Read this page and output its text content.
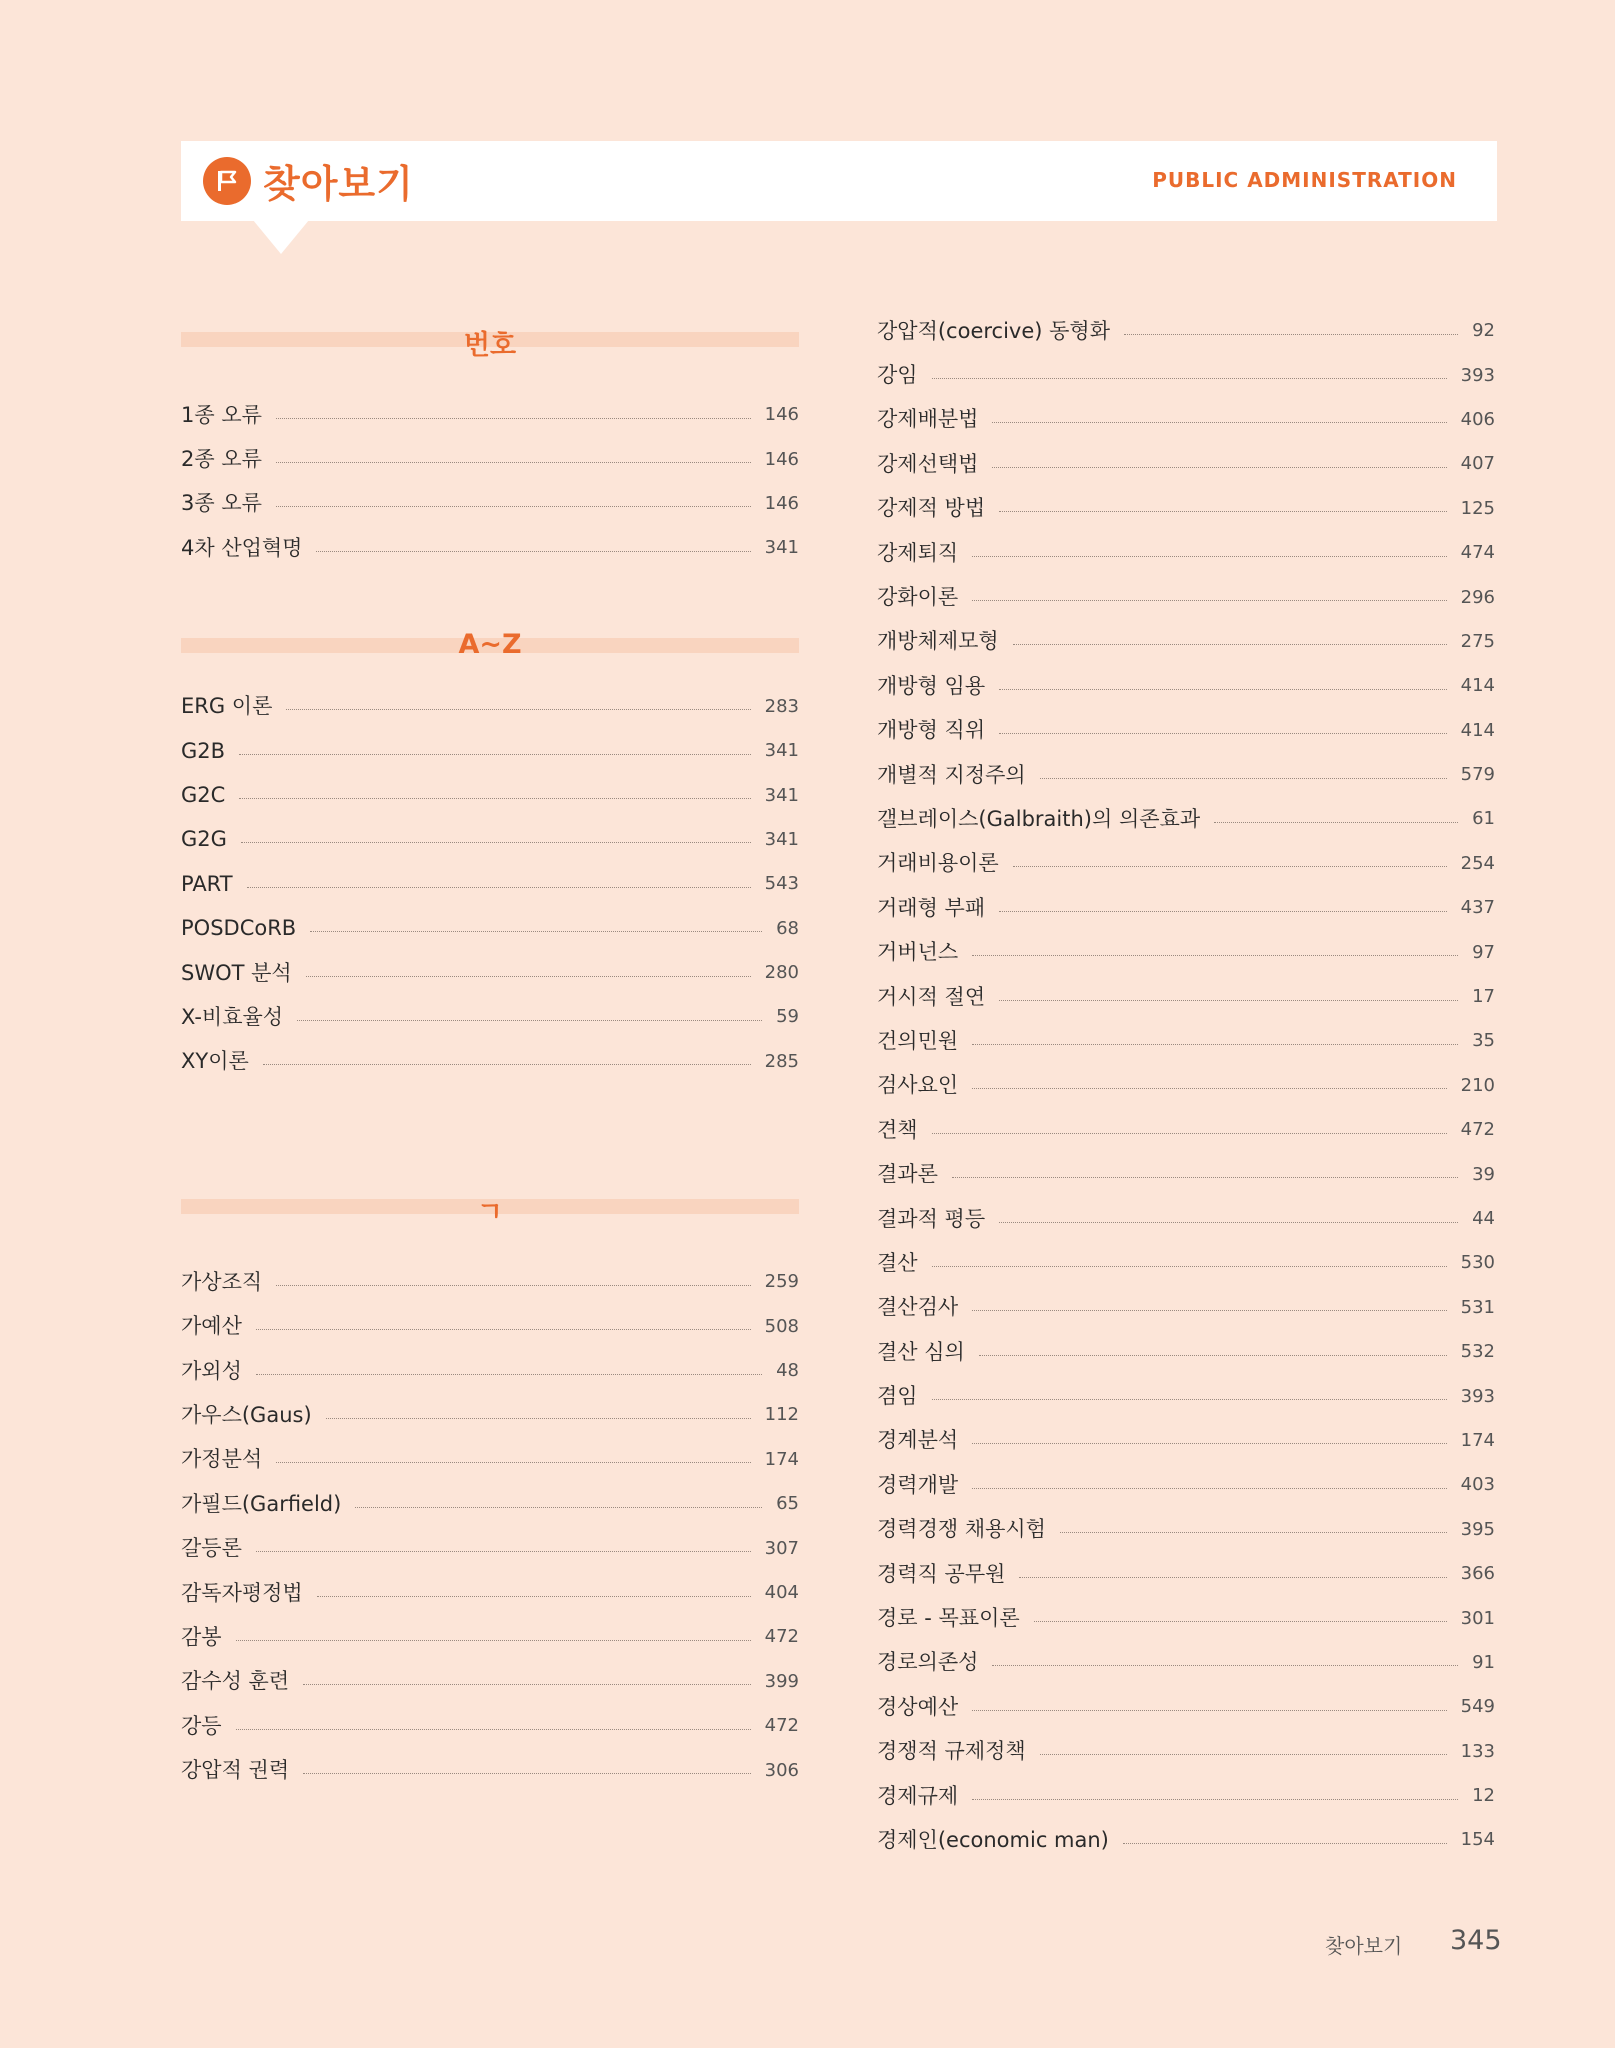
찾아보기	PUBLIC ADMINISTRATION
번호
1종 오류	146
2종 오류	146
3종 오류	146
4차 산업혁명	341
A~Z
ERG 이론	283
G2B	341
G2C	341
G2G	341
PART	543
POSDCoRB	68
SWOT 분석	280
X-비효율성	59
XY이론	285
ㄱ
가상조직	259
가예산	508
가외성	48
가우스(Gaus)	112
가정분석	174
가필드(Garfield)	65
갈등론	307
감독자평정법	404
감봉	472
감수성 훈련	399
강등	472
강압적 권력	306
강압적(coercive) 동형화	92
강임	393
강제배분법	406
강제선택법	407
강제적 방법	125
강제퇴직	474
강화이론	296
개방체제모형	275
개방형 임용	414
개방형 직위	414
개별적 지정주의	579
갤브레이스(Galbraith)의 의존효과	61
거래비용이론	254
거래형 부패	437
거버넌스	97
거시적 절연	17
건의민원	35
검사요인	210
견책	472
결과론	39
결과적 평등	44
결산	530
결산검사	531
결산 심의	532
겸임	393
경계분석	174
경력개발	403
경력경쟁 채용시험	395
경력직 공무원	366
경로 - 목표이론	301
경로의존성	91
경상예산	549
경쟁적 규제정책	133
경제규제	12
경제인(economic man)	154
찾아보기 345
